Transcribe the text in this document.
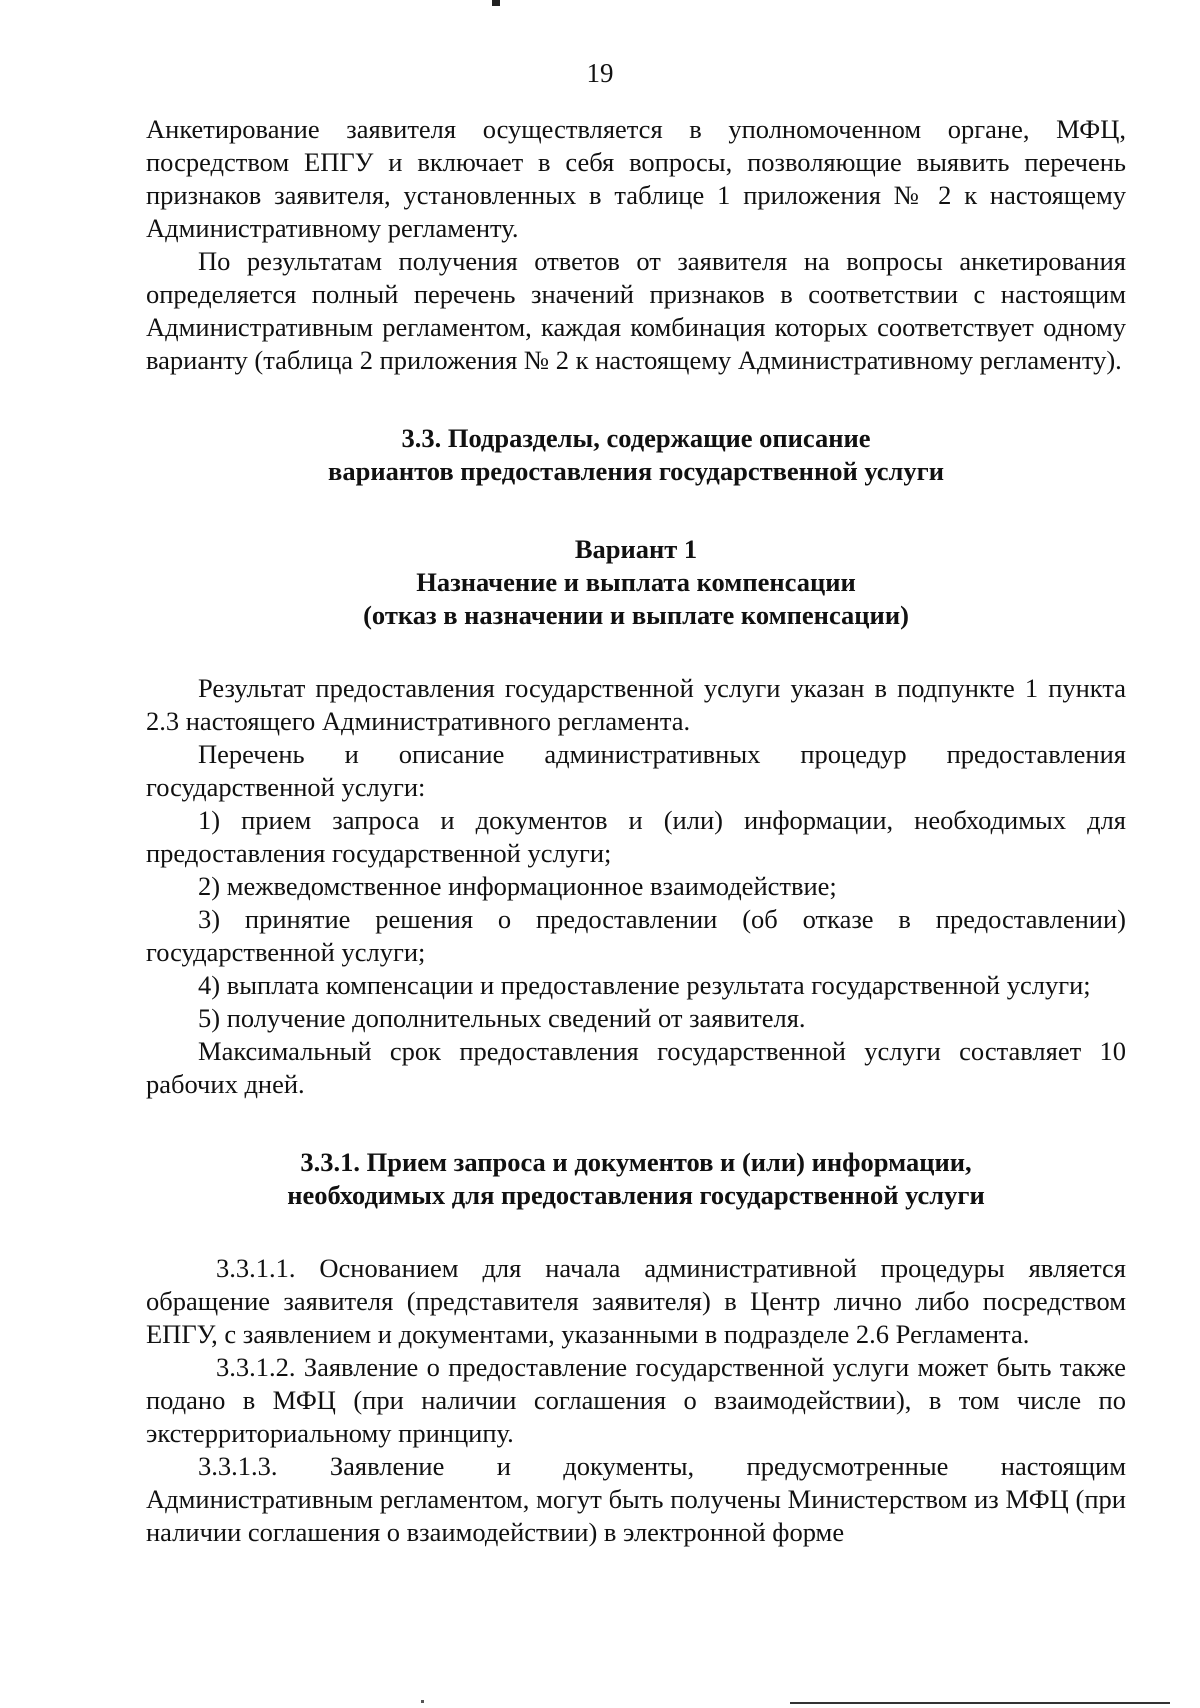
19

Анкетирование заявителя осуществляется в уполномоченном органе, МФЦ, посредством ЕПГУ и включает в себя вопросы, позволяющие выявить перечень признаков заявителя, установленных в таблице 1 приложения № 2 к настоящему Административному регламенту.

По результатам получения ответов от заявителя на вопросы анкетирования определяется полный перечень значений признаков в соответствии с настоящим Административным регламентом, каждая комбинация которых соответствует одному варианту (таблица 2 приложения № 2 к настоящему Административному регламенту).

3.3. Подразделы, содержащие описание
вариантов предоставления государственной услуги
Вариант 1
Назначение и выплата компенсации
(отказ в назначении и выплате компенсации)

Результат предоставления государственной услуги указан в подпункте 1 пункта 2.3 настоящего Административного регламента.

Перечень и описание административных процедур предоставления государственной услуги:

1) прием запроса и документов и (или) информации, необходимых для предоставления государственной услуги;

2) межведомственное информационное взаимодействие;

3) принятие решения о предоставлении (об отказе в предоставлении) государственной услуги;

4) выплата компенсации и предоставление результата государственной услуги;

5) получение дополнительных сведений от заявителя.

Максимальный срок предоставления государственной услуги составляет 10 рабочих дней.

3.3.1. Прием запроса и документов и (или) информации,
необходимых для предоставления государственной услуги

3.3.1.1. Основанием для начала административной процедуры является обращение заявителя (представителя заявителя) в Центр лично либо посредством ЕПГУ, с заявлением и документами, указанными в подразделе 2.6 Регламента.

3.3.1.2. Заявление о предоставление государственной услуги может быть также подано в МФЦ (при наличии соглашения о взаимодействии), в том числе по экстерриториальному принципу.

3.3.1.3. Заявление и документы, предусмотренные настоящим Административным регламентом, могут быть получены Министерством из МФЦ (при наличии соглашения о взаимодействии) в электронной форме
